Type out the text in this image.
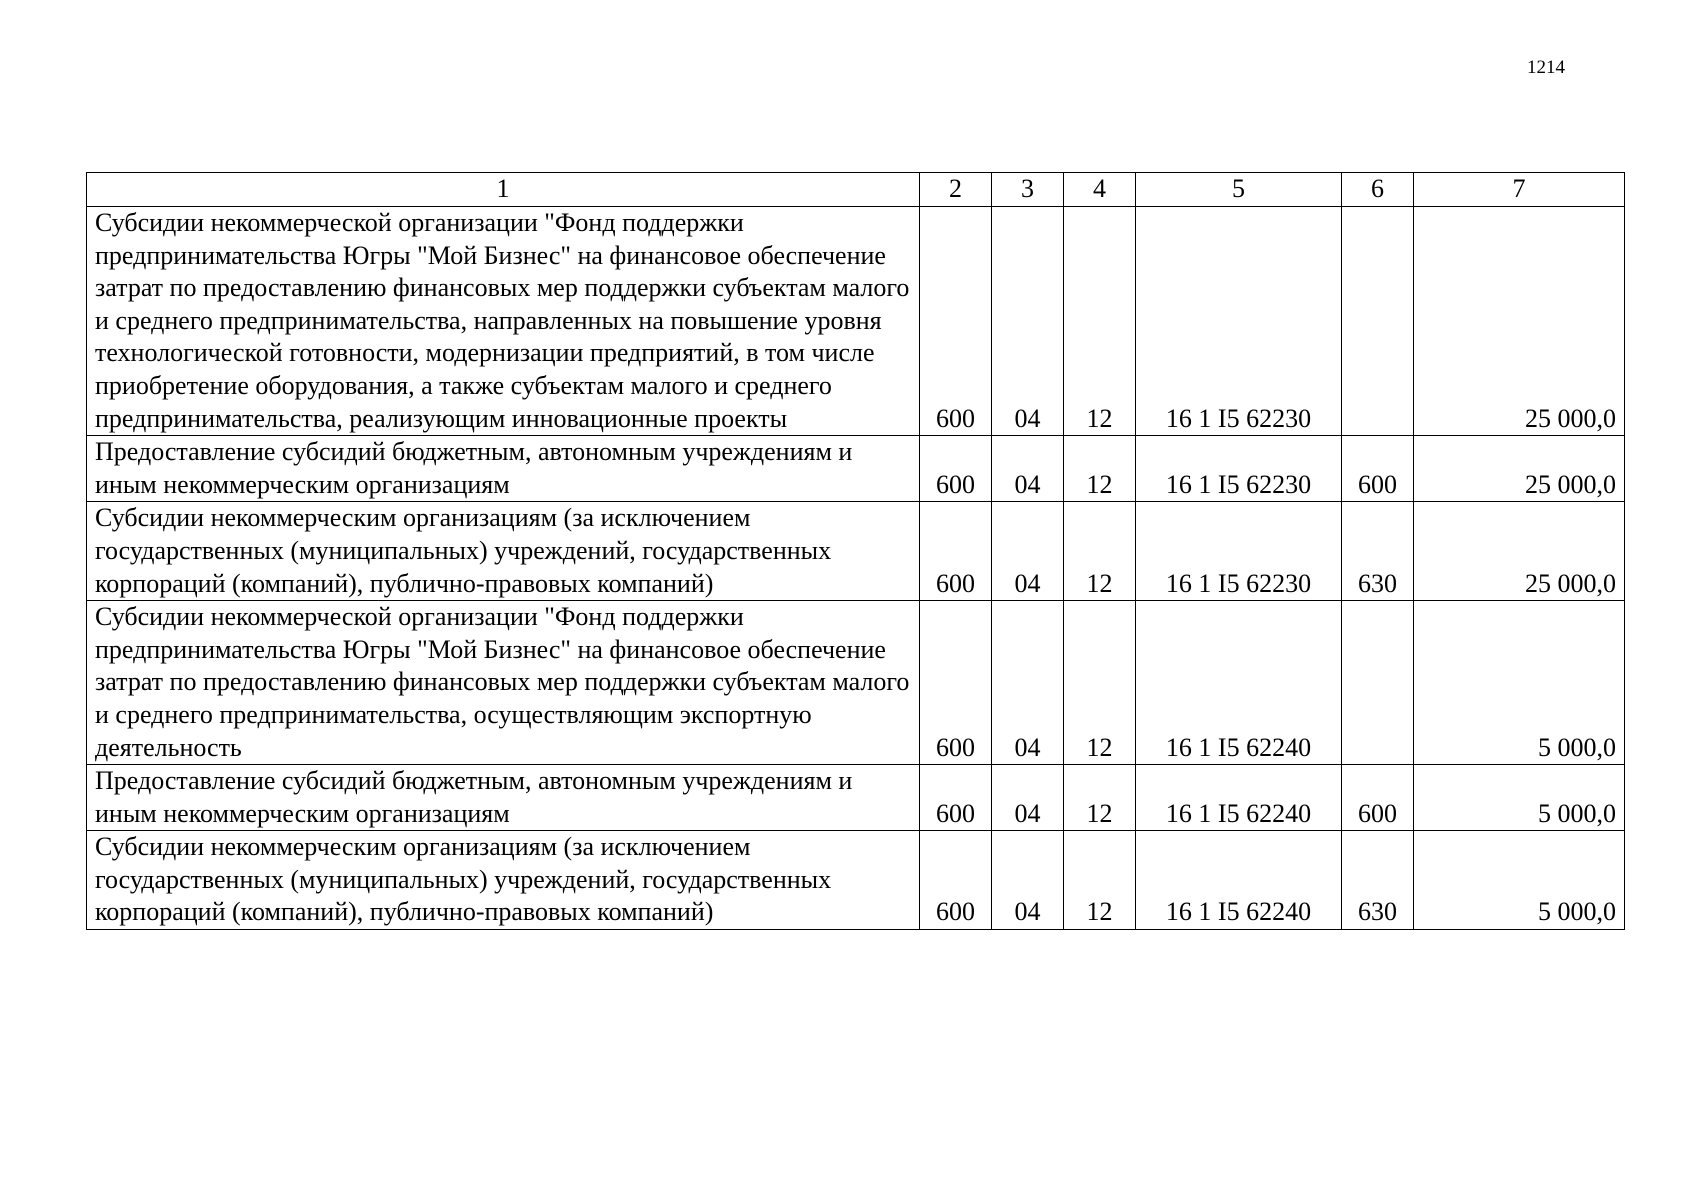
1214
1	2	3	4	5	6	7
Субсидии некоммерческой организации "Фонд поддержки предпринимательства Югры "Мой Бизнес" на финансовое обеспечение затрат по предоставлению финансовых мер поддержки субъектам малого и среднего предпринимательства, направленных на повышение уровня технологической готовности, модернизации предприятий, в том числе приобретение оборудования, а также субъектам малого и среднего предпринимательства, реализующим инновационные проекты	600	04	12	16 1 I5 62230		25 000,0
Предоставление субсидий бюджетным, автономным учреждениям и иным некоммерческим организациям	600	04	12	16 1 I5 62230	600	25 000,0
Субсидии некоммерческим организациям (за исключением государственных (муниципальных) учреждений, государственных корпораций (компаний), публично-правовых компаний)	600	04	12	16 1 I5 62230	630	25 000,0
Субсидии некоммерческой организации "Фонд поддержки предпринимательства Югры "Мой Бизнес" на финансовое обеспечение затрат по предоставлению финансовых мер поддержки субъектам малого и среднего предпринимательства, осуществляющим экспортную деятельность	600	04	12	16 1 I5 62240		5 000,0
Предоставление субсидий бюджетным, автономным учреждениям и иным некоммерческим организациям	600	04	12	16 1 I5 62240	600	5 000,0
Субсидии некоммерческим организациям (за исключением государственных (муниципальных) учреждений, государственных корпораций (компаний), публично-правовых компаний)	600	04	12	16 1 I5 62240	630	5 000,0
